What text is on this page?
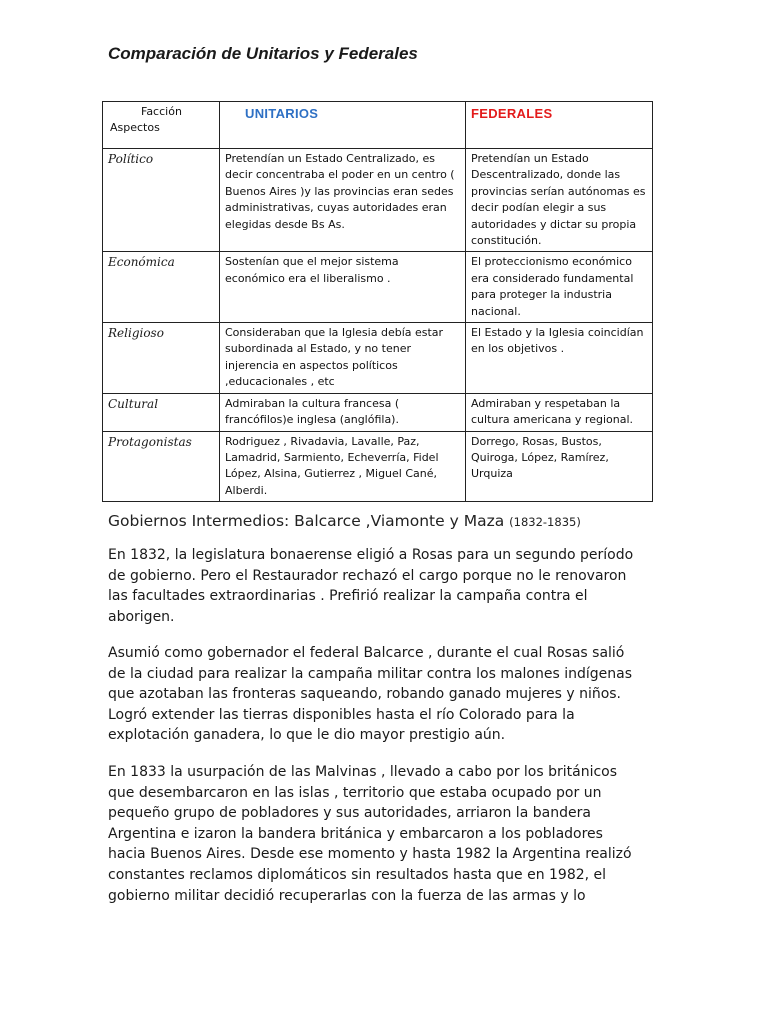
Comparación de Unitarios y Federales
Facción
Aspectos	UNITARIOS	FEDERALES

Político	Pretendían un Estado Centralizado, es decir concentraba el poder en un centro ( Buenos Aires )y las provincias eran sedes administrativas, cuyas autoridades eran elegidas desde Bs As.	Pretendían un Estado Descentralizado, donde las provincias serían autónomas es decir podían elegir a sus autoridades y dictar su propia constitución.

Económica	Sostenían que el mejor sistema económico era el liberalismo .	El proteccionismo económico era considerado fundamental para proteger la industria nacional.

Religioso	Consideraban que la Iglesia debía estar subordinada al Estado, y no tener injerencia en aspectos políticos ,educacionales , etc	El Estado y la Iglesia coincidían en los objetivos .

Cultural	Admiraban la cultura francesa ( francófilos)e inglesa (anglófila).	Admiraban y respetaban la cultura americana y regional.

Protagonistas	Rodriguez , Rivadavia, Lavalle, Paz, Lamadrid, Sarmiento, Echeverría, Fidel López, Alsina, Gutierrez , Miguel Cané, Alberdi.	Dorrego, Rosas, Bustos, Quiroga, López, Ramírez, Urquiza
Gobiernos Intermedios: Balcarce ,Viamonte y Maza (1832-1835)
En 1832, la legislatura bonaerense eligió a Rosas para un segundo período
de gobierno. Pero el Restaurador rechazó el cargo porque no le renovaron
las facultades extraordinarias . Prefirió realizar la campaña contra el
aborigen.
Asumió como gobernador el federal Balcarce , durante el cual Rosas salió
de la ciudad para realizar la campaña militar contra los malones indígenas
que azotaban las fronteras saqueando, robando ganado mujeres y niños.
Logró extender las tierras disponibles hasta el río Colorado para la
explotación ganadera, lo que le dio mayor prestigio aún.
En 1833 la usurpación de las Malvinas , llevado a cabo por los británicos
que desembarcaron en las islas , territorio que estaba ocupado por un
pequeño grupo de pobladores y sus autoridades, arriaron la bandera
Argentina e izaron la bandera británica y embarcaron a los pobladores
hacia Buenos Aires. Desde ese momento y hasta 1982 la Argentina realizó
constantes reclamos diplomáticos sin resultados hasta que en 1982, el
gobierno militar decidió recuperarlas con la fuerza de las armas y lo
